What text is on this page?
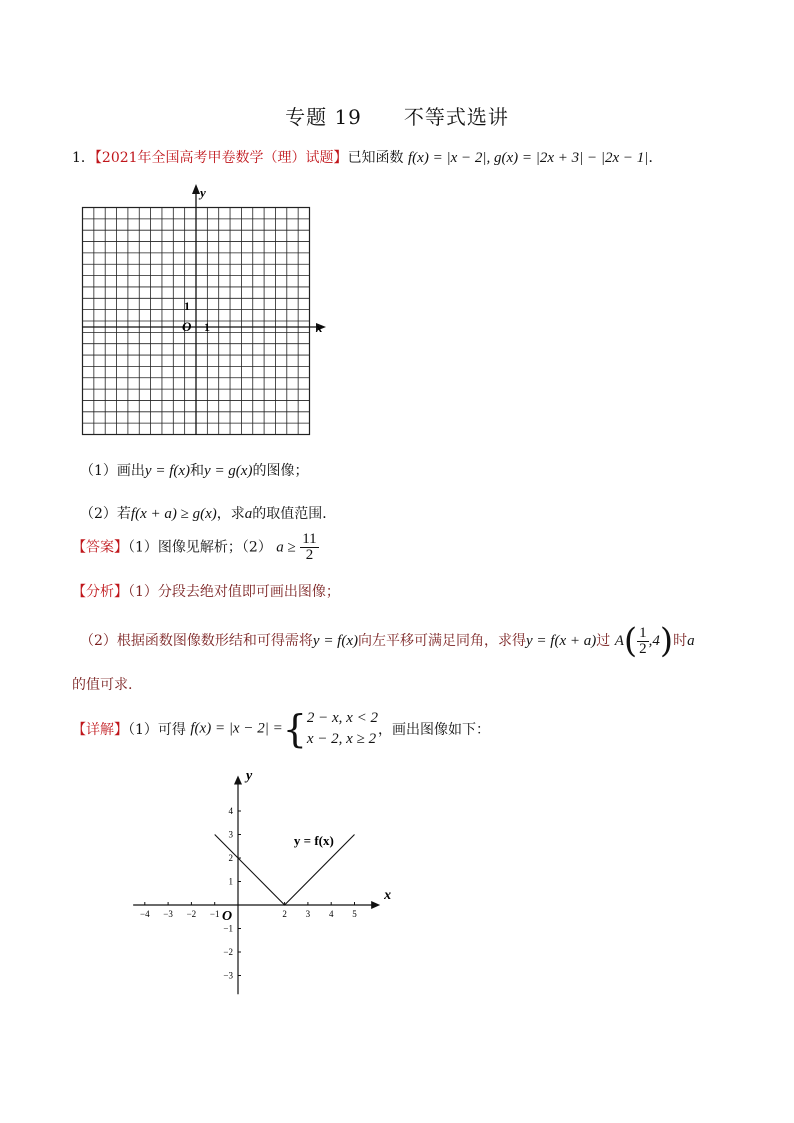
专题 19 不等式选讲
1．【2021年全国高考甲卷数学（理）试题】已知函数 f(x) = |x − 2|, g(x) = |2x + 3| − |2x − 1|．
y
x
O 1
1
（1）画出y = f(x)和y = g(x)的图像；
（2）若f(x + a) ≥ g(x)，求a的取值范围．
【答案】（1）图像见解析；（2） $a \ge \frac{11}{2}$
【分析】（1）分段去绝对值即可画出图像；
（2）根据函数图像数形结和可得需将y = f(x)向左平移可满足同角，求得y = f(x + a)过 $A( \frac{1}{2} ,4)$时a
的值可求.
【详解】（1）可得 f(x) = |x − 2| ={ 2 − x, x < 2
x − 2, x ≥ 2
，画出图像如下：
−4 −3 −2 −1	2 3 4 5
4
3
2
1
−1
−2
−3
x
y
O
y = f(x)
